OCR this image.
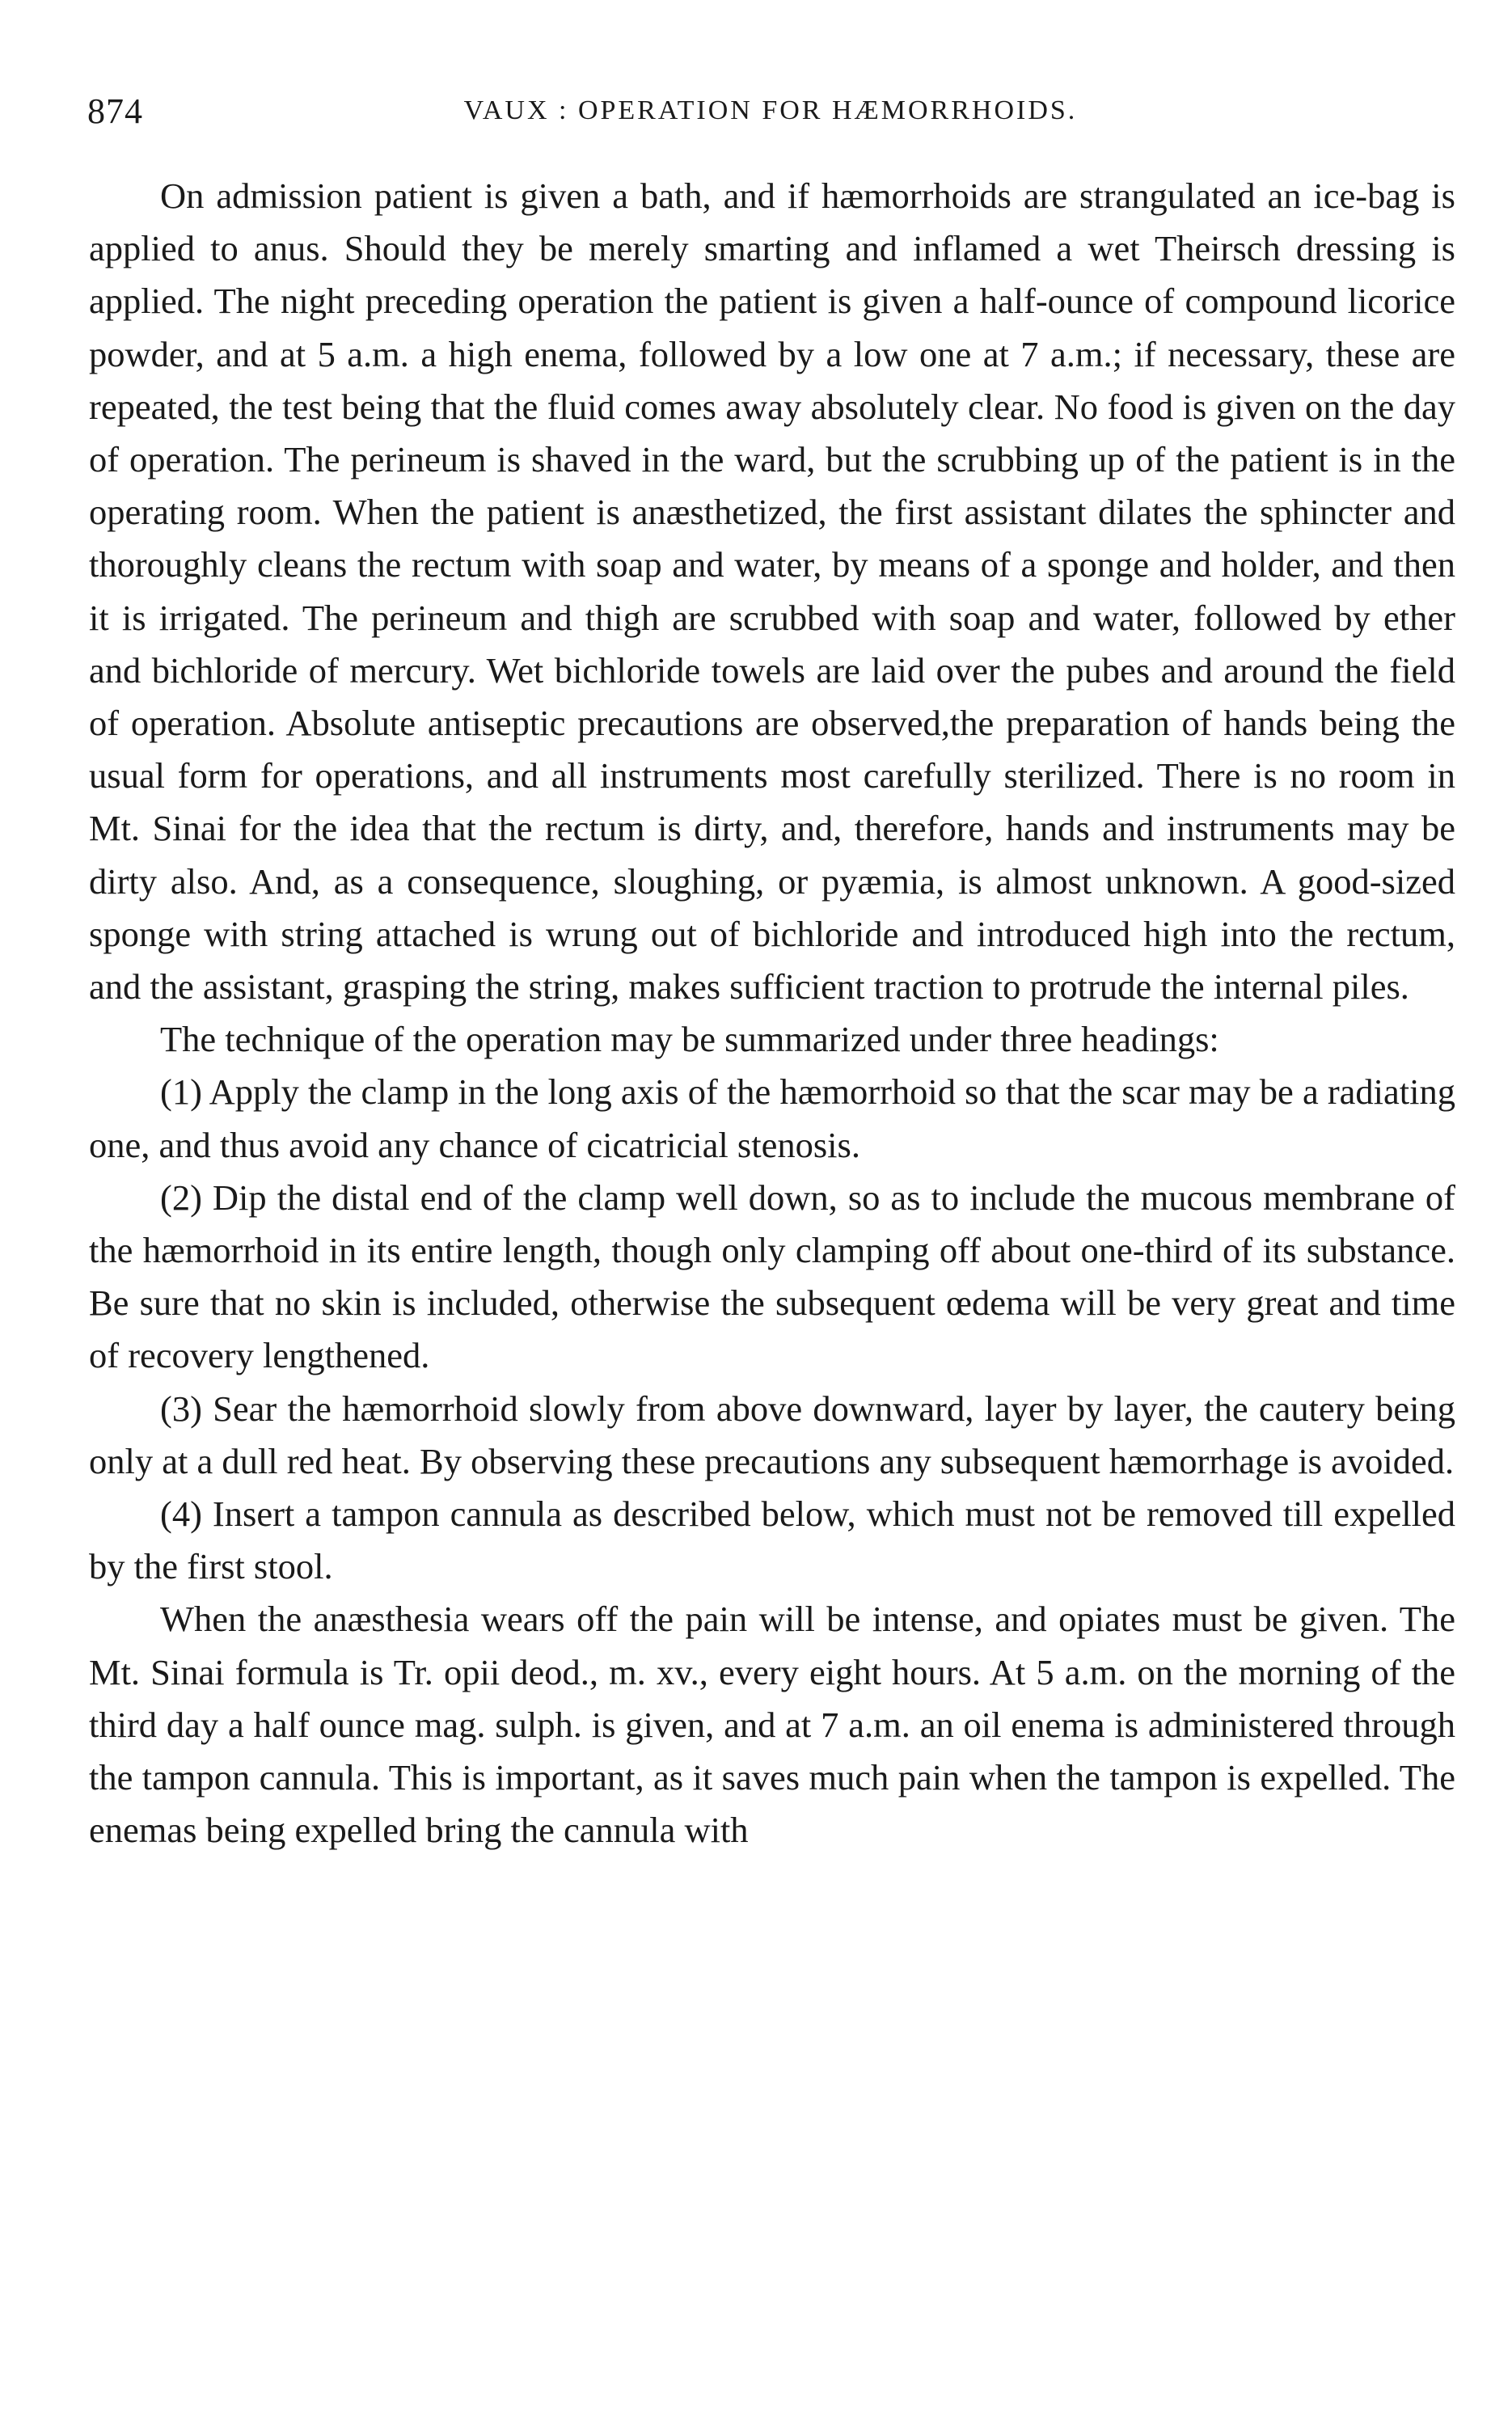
874	VAUX : OPERATION FOR HÆMORRHOIDS.

On admission patient is given a bath, and if hæmorrhoids are strangulated an ice-bag is applied to anus. Should they be merely smarting and inflamed a wet Theirsch dressing is applied. The night preceding operation the patient is given a half-ounce of compound licorice powder, and at 5 a.m. a high enema, followed by a low one at 7 a.m.; if necessary, these are repeated, the test being that the fluid comes away absolutely clear. No food is given on the day of operation. The perineum is shaved in the ward, but the scrubbing up of the patient is in the operating room. When the patient is anæsthetized, the first assistant dilates the sphincter and thoroughly cleans the rectum with soap and water, by means of a sponge and holder, and then it is irrigated. The perineum and thigh are scrubbed with soap and water, followed by ether and bichloride of mercury. Wet bichloride towels are laid over the pubes and around the field of operation. Absolute antiseptic precautions are observed,the preparation of hands being the usual form for operations, and all instruments most carefully sterilized. There is no room in Mt. Sinai for the idea that the rectum is dirty, and, therefore, hands and instruments may be dirty also. And, as a consequence, sloughing, or pyæmia, is almost unknown. A good-sized sponge with string attached is wrung out of bichloride and introduced high into the rectum, and the assistant, grasping the string, makes sufficient traction to protrude the internal piles.

The technique of the operation may be summarized under three headings:

(1) Apply the clamp in the long axis of the hæmorrhoid so that the scar may be a radiating one, and thus avoid any chance of cicatricial stenosis.

(2) Dip the distal end of the clamp well down, so as to include the mucous membrane of the hæmorrhoid in its entire length, though only clamping off about one-third of its substance. Be sure that no skin is included, otherwise the subsequent œdema will be very great and time of recovery lengthened.

(3) Sear the hæmorrhoid slowly from above downward, layer by layer, the cautery being only at a dull red heat. By observing these precautions any subsequent hæmorrhage is avoided.

(4) Insert a tampon cannula as described below, which must not be removed till expelled by the first stool.

When the anæsthesia wears off the pain will be intense, and opiates must be given. The Mt. Sinai formula is Tr. opii deod., m. xv., every eight hours. At 5 a.m. on the morning of the third day a half ounce mag. sulph. is given, and at 7 a.m. an oil enema is administered through the tampon cannula. This is important, as it saves much pain when the tampon is expelled. The enemas being expelled bring the cannula with
